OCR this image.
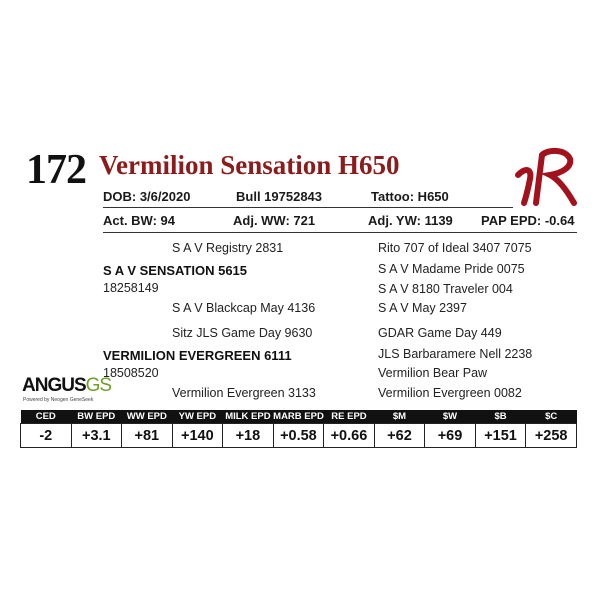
172 Vermilion Sensation H650
DOB: 3/6/2020	Bull 19752843	Tattoo: H650
Act. BW: 94	Adj. WW: 721	Adj. YW: 1139 PAP EPD: -0.64
S A V Registry 2831
S A V SENSATION 5615
18258149
S A V Blackcap May 4136
Sitz JLS Game Day 9630
VERMILION EVERGREEN 6111
18508520
Vermilion Evergreen 3133
Rito 707 of Ideal 3407 7075
S A V Madame Pride 0075
S A V 8180 Traveler 004
S A V May 2397
GDAR Game Day 449
JLS Barbaramere Nell 2238
Vermilion Bear Paw
Vermilion Evergreen 0082
ANGUSGS
Powered by Neogen GeneSeek
CED	BW EPD	WW EPD	YW EPD	MILK EPD	MARB EPD	RE EPD	$M	$W	$B	$C
-2	+3.1	+81	+140	+18	+0.58	+0.66	+62	+69	+151	+258
